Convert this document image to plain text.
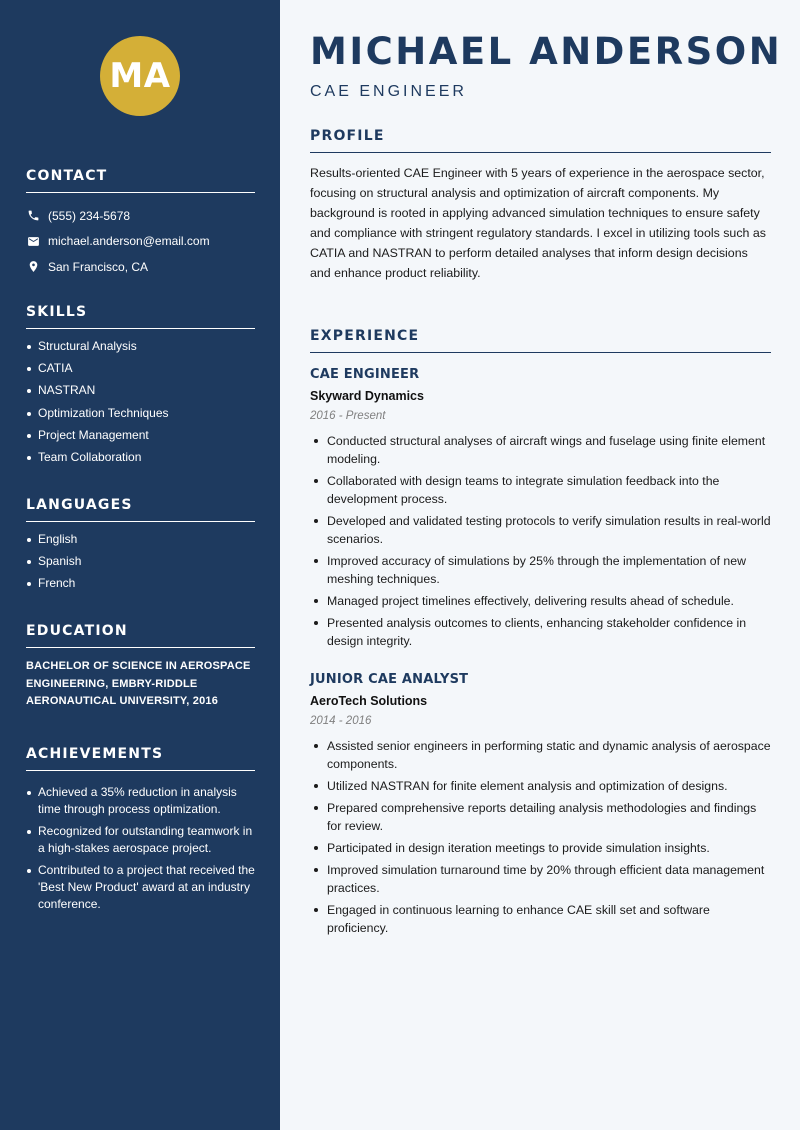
MA
CONTACT
(555) 234-5678
michael.anderson@email.com
San Francisco, CA
SKILLS
Structural Analysis
CATIA
NASTRAN
Optimization Techniques
Project Management
Team Collaboration
LANGUAGES
English
Spanish
French
EDUCATION

BACHELOR OF SCIENCE IN AEROSPACE ENGINEERING, EMBRY-RIDDLE AERONAUTICAL UNIVERSITY, 2016

ACHIEVEMENTS
Achieved a 35% reduction in analysis time through process optimization.
Recognized for outstanding teamwork in a high-stakes aerospace project.
Contributed to a project that received the 'Best New Product' award at an industry conference.
MICHAEL ANDERSON
CAE ENGINEER
PROFILE

Results-oriented CAE Engineer with 5 years of experience in the aerospace sector, focusing on structural analysis and optimization of aircraft components. My background is rooted in applying advanced simulation techniques to ensure safety and compliance with stringent regulatory standards. I excel in utilizing tools such as CATIA and NASTRAN to perform detailed analyses that inform design decisions and enhance product reliability.

EXPERIENCE
CAE ENGINEER
Skyward Dynamics
2016 - Present
Conducted structural analyses of aircraft wings and fuselage using finite element modeling.
Collaborated with design teams to integrate simulation feedback into the development process.
Developed and validated testing protocols to verify simulation results in real-world scenarios.
Improved accuracy of simulations by 25% through the implementation of new meshing techniques.
Managed project timelines effectively, delivering results ahead of schedule.
Presented analysis outcomes to clients, enhancing stakeholder confidence in design integrity.
JUNIOR CAE ANALYST
AeroTech Solutions
2014 - 2016
Assisted senior engineers in performing static and dynamic analysis of aerospace components.
Utilized NASTRAN for finite element analysis and optimization of designs.
Prepared comprehensive reports detailing analysis methodologies and findings for review.
Participated in design iteration meetings to provide simulation insights.
Improved simulation turnaround time by 20% through efficient data management practices.
Engaged in continuous learning to enhance CAE skill set and software proficiency.
